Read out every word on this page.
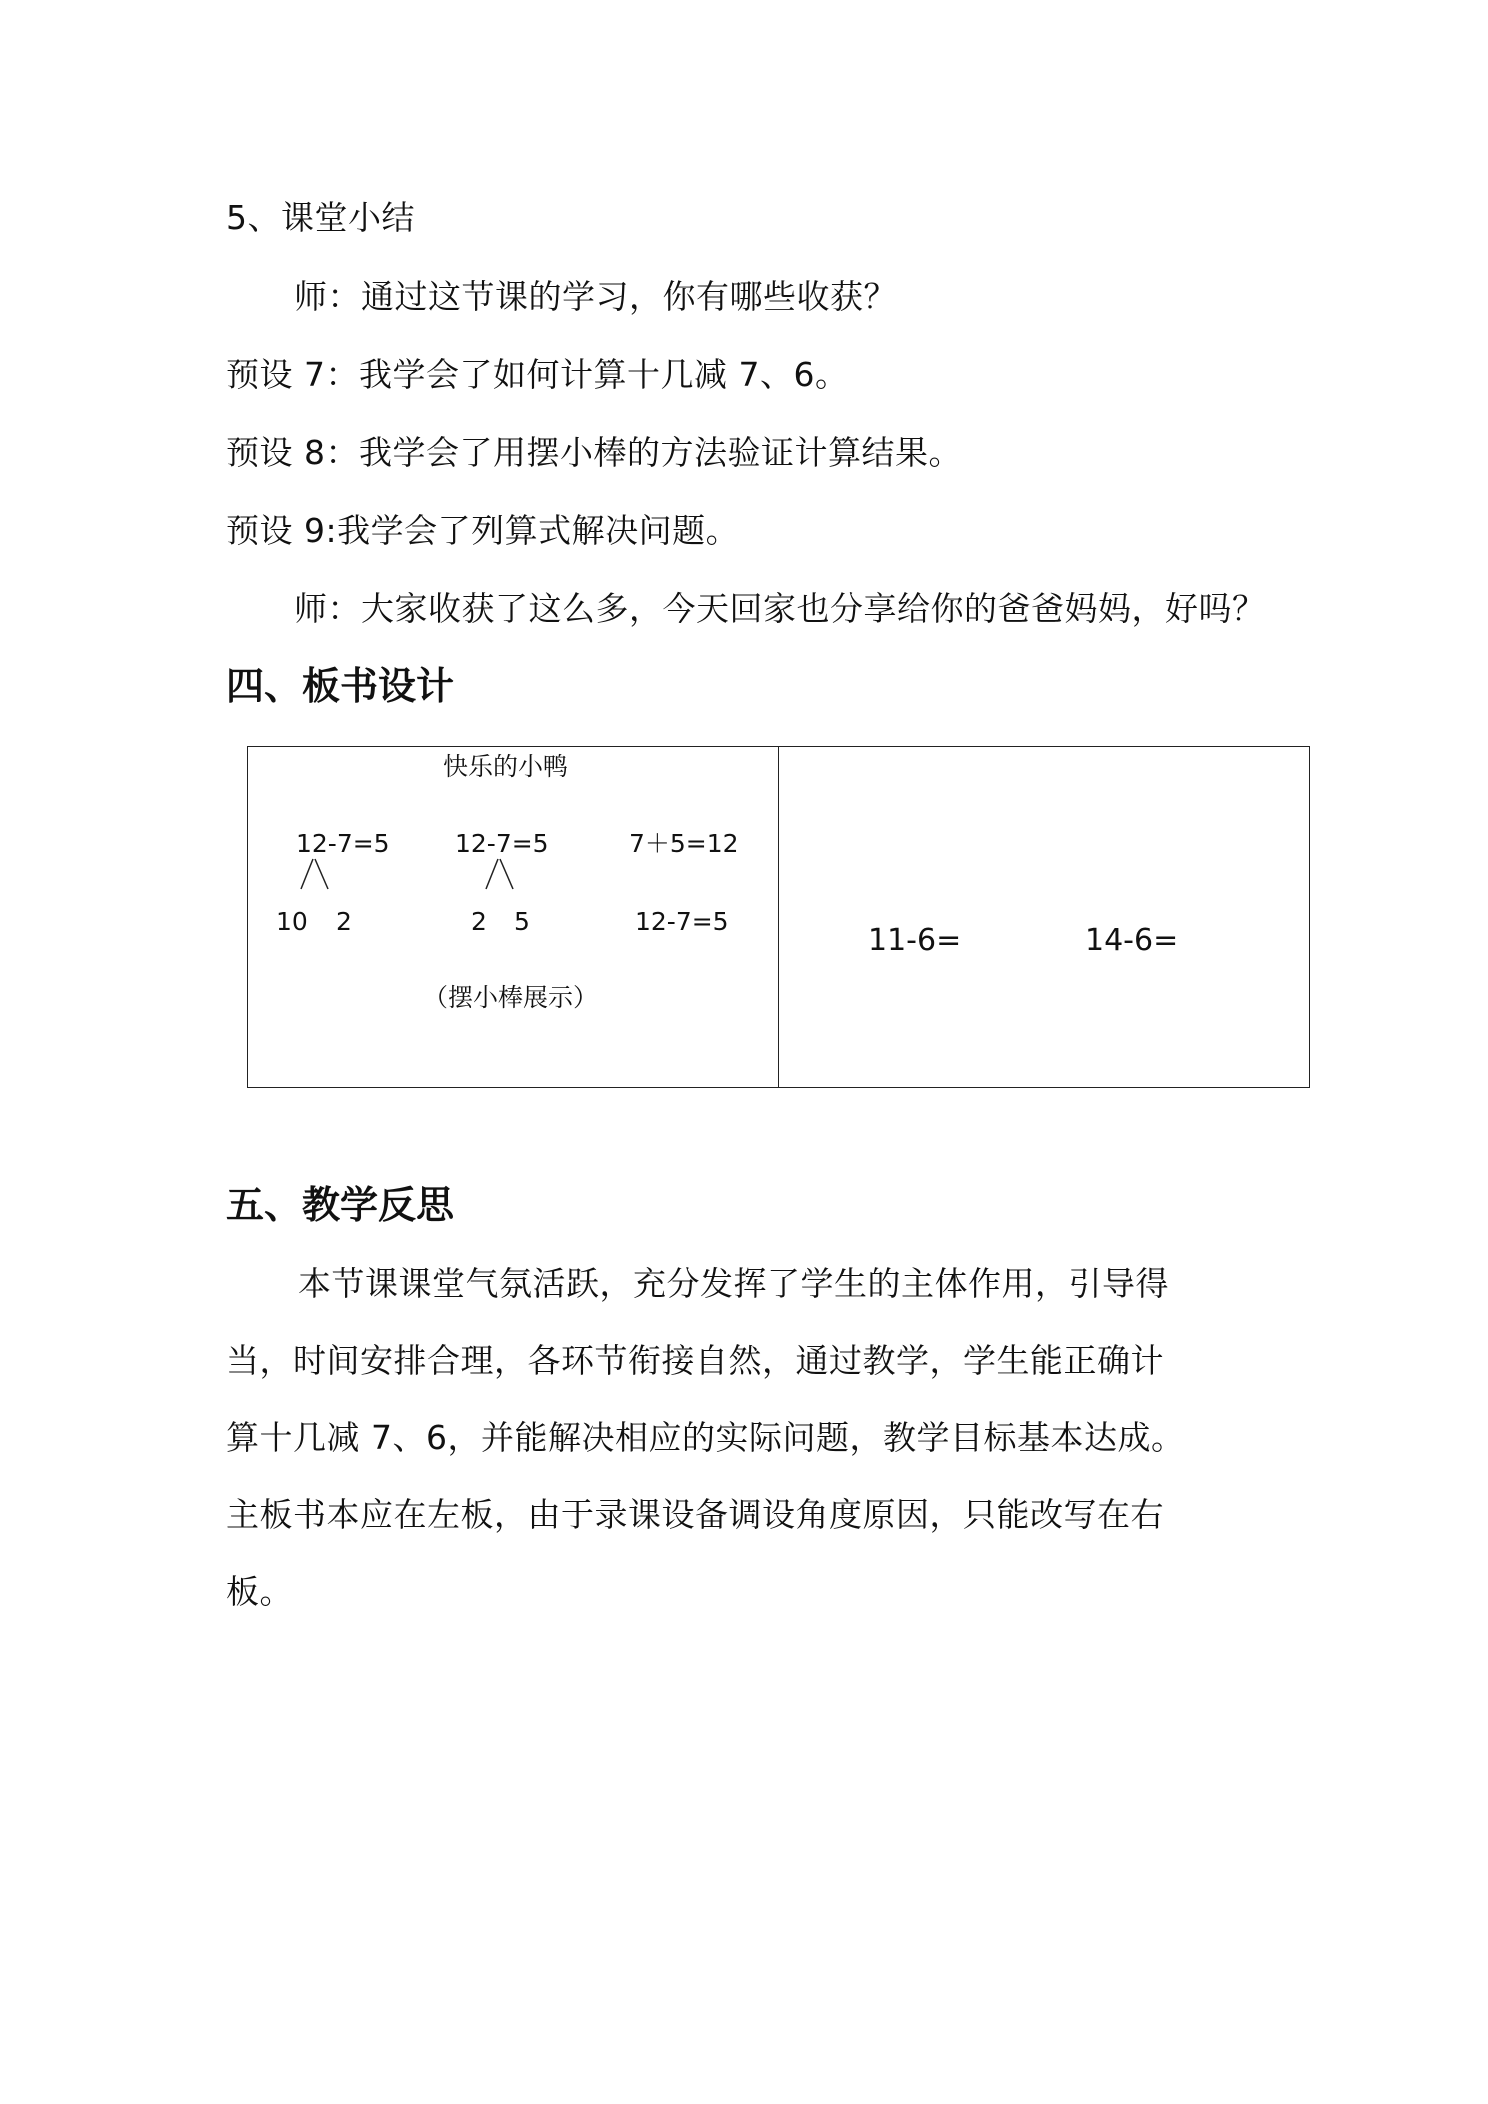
5、课堂小结
师：通过这节课的学习，你有哪些收获？
预设 7：我学会了如何计算十几减 7、6。
预设 8：我学会了用摆小棒的方法验证计算结果。
预设 9:我学会了列算式解决问题。
师：大家收获了这么多，今天回家也分享给你的爸爸妈妈，好吗？
四、板书设计
快乐的小鸭
12-7=5
10 2
12-7=5
2 5
7＋5=12
12-7=5
（摆小棒展示）
11-6=	14-6=
五、教学反思
本节课课堂气氛活跃，充分发挥了学生的主体作用，引导得
当，时间安排合理，各环节衔接自然，通过教学，学生能正确计
算十几减 7、6，并能解决相应的实际问题，教学目标基本达成。
主板书本应在左板，由于录课设备调设角度原因，只能改写在右
板。
